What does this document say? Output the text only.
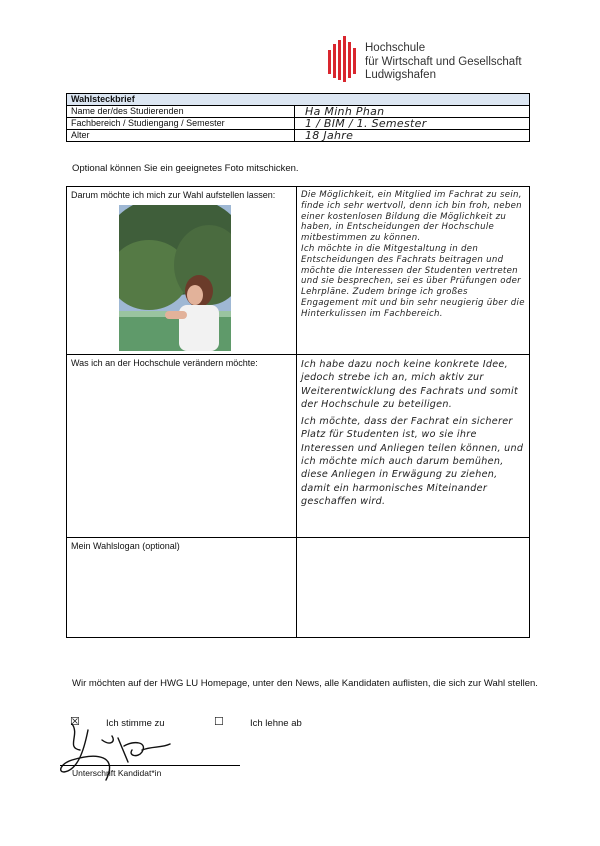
Hochschule
für Wirtschaft und Gesellschaft
Ludwigshafen
Wahlsteckbrief	
Name der/des Studierenden	Ha Minh Phan
Fachbereich / Studiengang / Semester	1 / BIM / 1. Semester
Alter	18 Jahre
Optional können Sie ein geeignetes Foto mitschicken.
Darum möchte ich mich zur Wahl aufstellen lassen:	Die Möglichkeit, ein Mitglied im Fachrat zu sein, finde ich sehr wertvoll, denn ich bin froh, neben einer kostenlosen Bildung die Möglichkeit zu haben, in Entscheidungen der Hochschule mitbestimmen zu können.
Ich möchte in die Mitgestaltung in den Entscheidungen des Fachrats beitragen und möchte die Interessen der Studenten vertreten und sie besprechen, sei es über Prüfungen oder Lehrpläne. Zudem bringe ich großes Engagement mit und bin sehr neugierig über die Hinterkulissen im Fachbereich.

Was ich an der Hochschule verändern möchte:	Ich habe dazu noch keine konkrete Idee, jedoch strebe ich an, mich aktiv zur Weiterentwicklung des Fachrats und somit der Hochschule zu beteiligen.
Ich möchte, dass der Fachrat ein sicherer Platz für Studenten ist, wo sie ihre Interessen und Anliegen teilen können, und ich möchte mich auch darum bemühen, diese Anliegen in Erwägung zu ziehen, damit ein harmonisches Miteinander geschaffen wird.

Mein Wahlslogan (optional)	
Wir möchten auf der HWG LU Homepage, unter den News, alle Kandidaten auflisten, die sich zur Wahl stellen.
☒	Ich stimme zu	☐	Ich lehne ab
Unterschrift Kandidat*in
